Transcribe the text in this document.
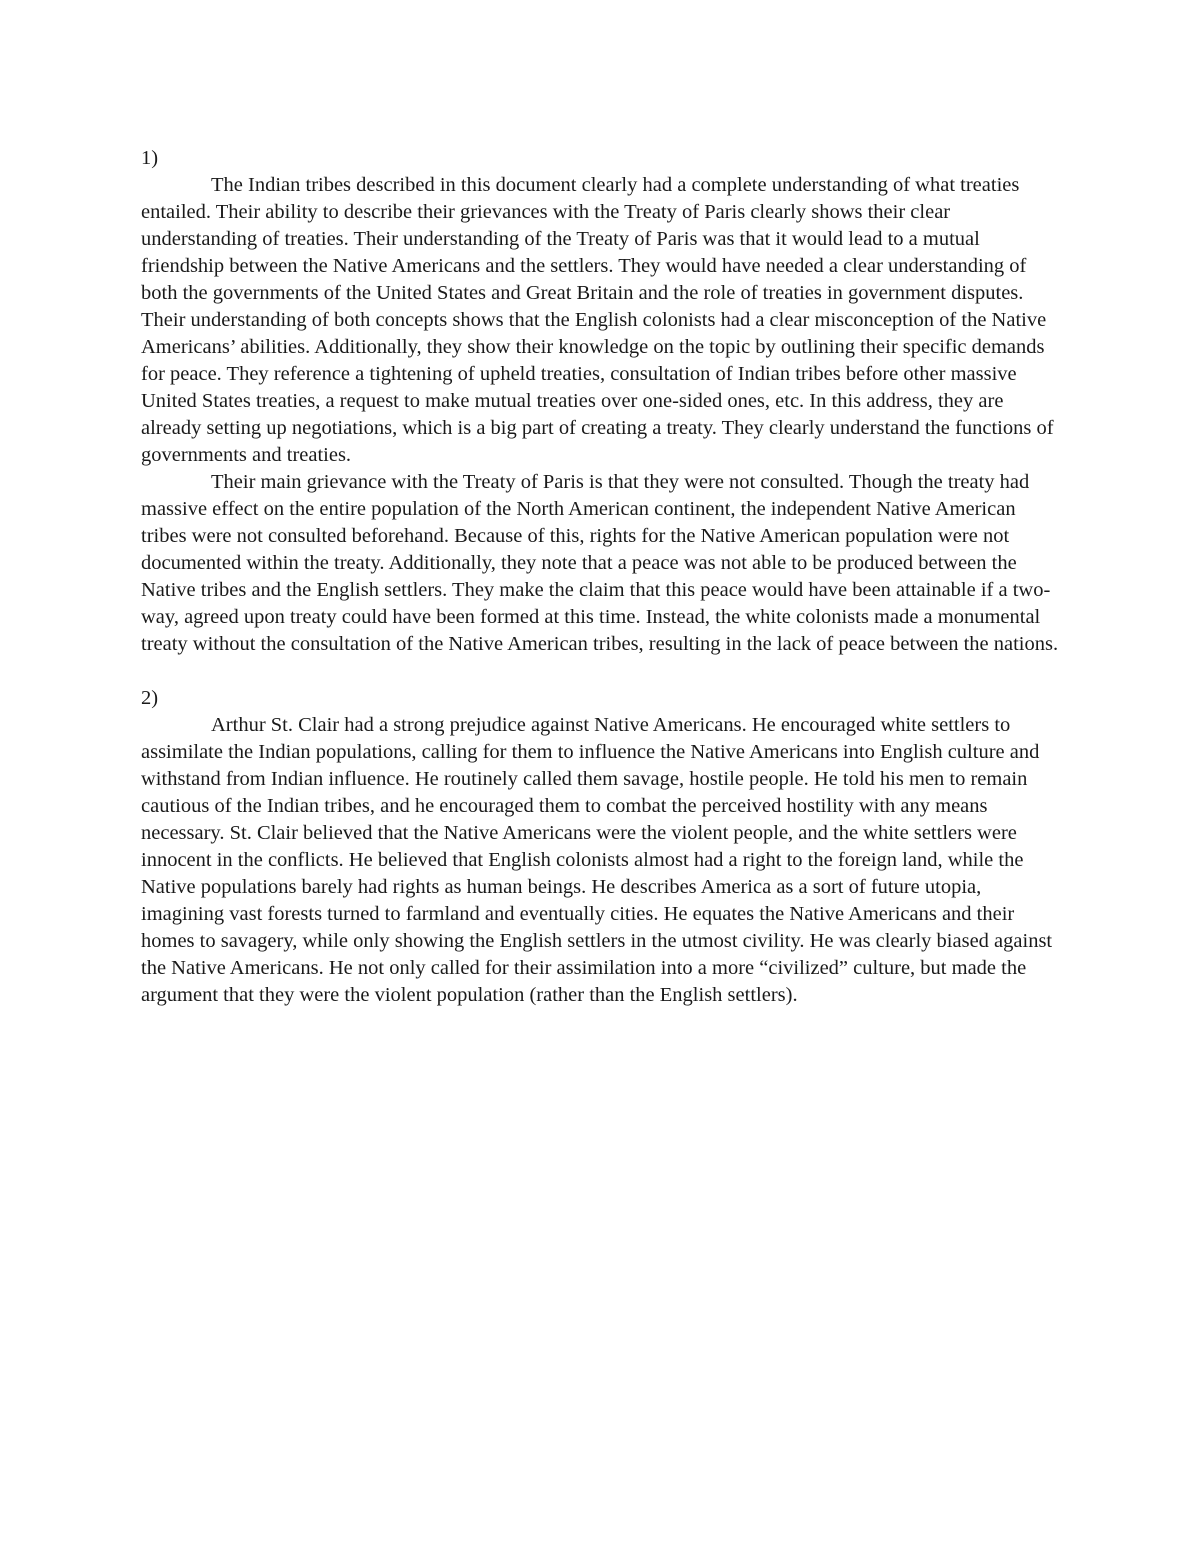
1)

The Indian tribes described in this document clearly had a complete understanding of what treaties entailed. Their ability to describe their grievances with the Treaty of Paris clearly shows their clear understanding of treaties. Their understanding of the Treaty of Paris was that it would lead to a mutual friendship between the Native Americans and the settlers. They would have needed a clear understanding of both the governments of the United States and Great Britain and the role of treaties in government disputes. Their understanding of both concepts shows that the English colonists had a clear misconception of the Native Americans’ abilities. Additionally, they show their knowledge on the topic by outlining their specific demands for peace. They reference a tightening of upheld treaties, consultation of Indian tribes before other massive United States treaties, a request to make mutual treaties over one-sided ones, etc. In this address, they are already setting up negotiations, which is a big part of creating a treaty. They clearly understand the functions of governments and treaties.

Their main grievance with the Treaty of Paris is that they were not consulted. Though the treaty had massive effect on the entire population of the North American continent, the independent Native American tribes were not consulted beforehand. Because of this, rights for the Native American population were not documented within the treaty. Additionally, they note that a peace was not able to be produced between the Native tribes and the English settlers. They make the claim that this peace would have been attainable if a two-way, agreed upon treaty could have been formed at this time. Instead, the white colonists made a monumental treaty without the consultation of the Native American tribes, resulting in the lack of peace between the nations.

2)

Arthur St. Clair had a strong prejudice against Native Americans. He encouraged white settlers to assimilate the Indian populations, calling for them to influence the Native Americans into English culture and withstand from Indian influence. He routinely called them savage, hostile people. He told his men to remain cautious of the Indian tribes, and he encouraged them to combat the perceived hostility with any means necessary. St. Clair believed that the Native Americans were the violent people, and the white settlers were innocent in the conflicts. He believed that English colonists almost had a right to the foreign land, while the Native populations barely had rights as human beings. He describes America as a sort of future utopia, imagining vast forests turned to farmland and eventually cities. He equates the Native Americans and their homes to savagery, while only showing the English settlers in the utmost civility. He was clearly biased against the Native Americans. He not only called for their assimilation into a more “civilized” culture, but made the argument that they were the violent population (rather than the English settlers).
